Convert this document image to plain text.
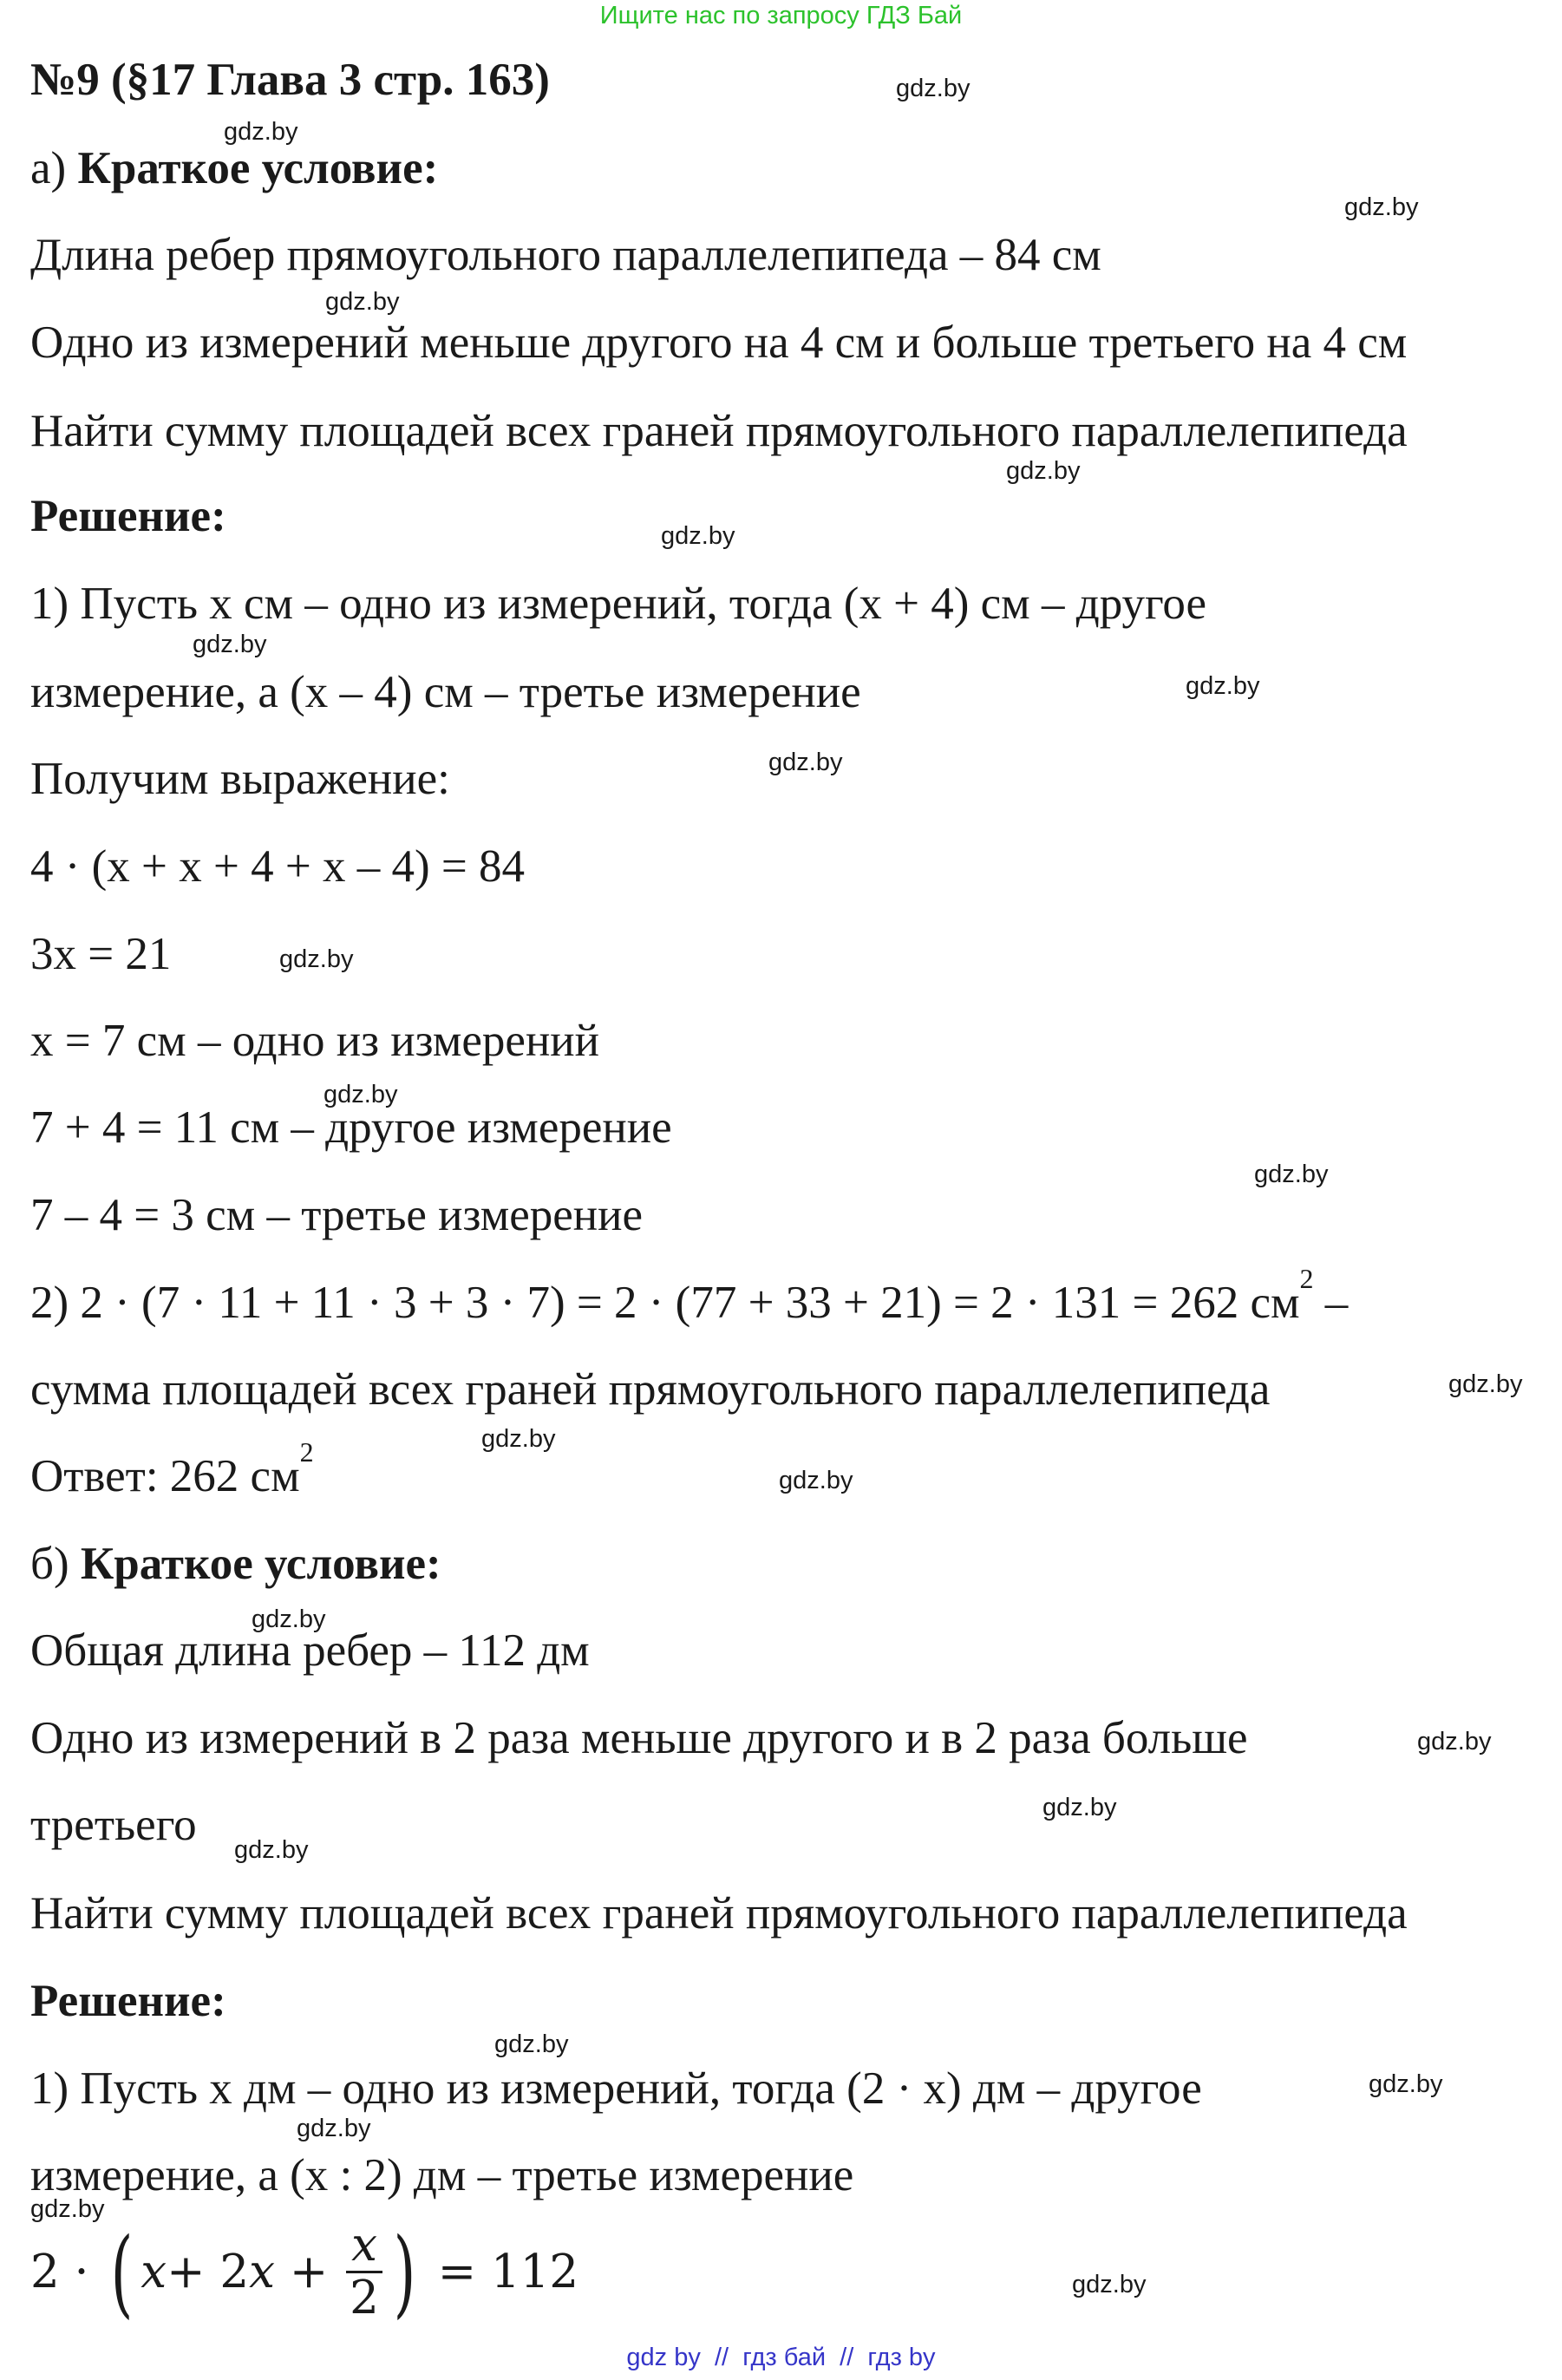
Ищите нас по запросу ГДЗ Бай
№9 (§17 Глава 3 стр. 163)
а) Краткое условие:
Длина ребер прямоугольного параллелепипеда – 84 см
Одно из измерений меньше другого на 4 см и больше третьего на 4 см
Найти сумму площадей всех граней прямоугольного параллелепипеда
Решение:
1) Пусть х см – одно из измерений, тогда (х + 4) см – другое
измерение, а (х – 4) см – третье измерение
Получим выражение:
4 · (х + х + 4 + х – 4) = 84
3х = 21
х = 7 см – одно из измерений
7 + 4 = 11 см – другое измерение
7 – 4 = 3 см – третье измерение
2) 2 · (7 · 11 + 11 · 3 + 3 · 7) = 2 · (77 + 33 + 21) = 2 · 131 = 262 $см^2$ –
сумма площадей всех граней прямоугольного параллелепипеда
Ответ: 262 $см^2$
б) Краткое условие:
Общая длина ребер – 112 дм
Одно из измерений в 2 раза меньше другого и в 2 раза больше
третьего
Найти сумму площадей всех граней прямоугольного параллелепипеда
Решение:
1) Пусть х дм – одно из измерений, тогда (2 · х) дм – другое
измерение, а (х : 2) дм – третье измерение
2 · ( $x+ 2x + \frac{x}{2}$ ) = 112
gdz.by
gdz.by
gdz.by
gdz.by
gdz.by
gdz.by
gdz.by
gdz.by
gdz.by
gdz.by
gdz.by
gdz.by
gdz.by
gdz.by
gdz.by
gdz.by
gdz.by
gdz.by
gdz.by
gdz.by
gdz.by
gdz.by
gdz.by
gdz.by
gdz by  //  гдз бай  //  гдз by
